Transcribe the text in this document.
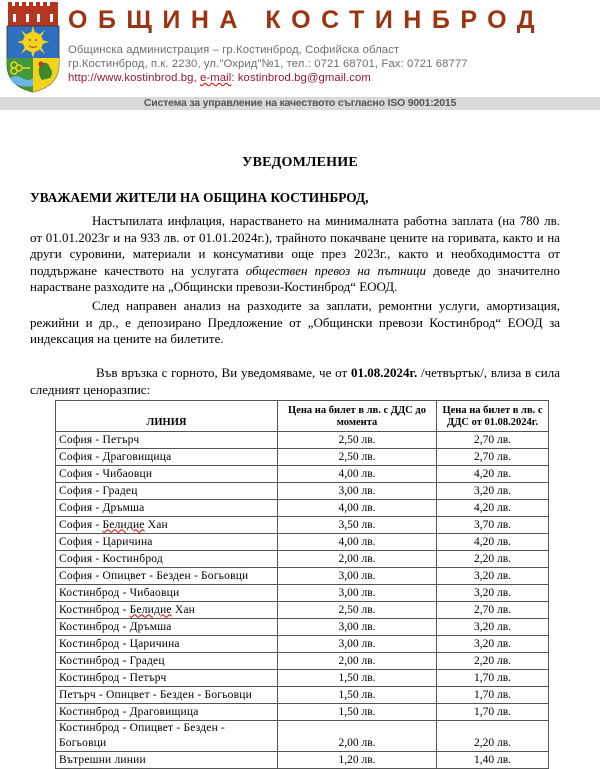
ОБЩИНА КОСТИНБРОД
Общинска администрация – гр.Костинброд, Софийска област
гр.Костинброд, п.к. 2230, ул."Охрид"№1, тел.: 0721 68701, Fax: 0721 68777
http://www.kostinbrod.bg, e-mail: kostinbrod.bg@gmail.com
Система за управление на качеството съгласно ISO 9001:2015
УВЕДОМЛЕНИЕ
УВАЖАЕМИ ЖИТЕЛИ НА ОБЩИНА КОСТИНБРОД,
Настъпилата инфлация, нарастването на минималната работна заплата (на 780 лв. от 01.01.2023г и на 933 лв. от 01.01.2024г.), трайното покачване цените на горивата, както и на други суровини, материали и консумативи още през 2023г., както и необходимостта от поддържане качеството на услугата обществен превоз на пътници доведе до значително нарастване разходите на „Общински превози-Костинброд“ ЕООД.
След направен анализ на разходите за заплати, ремонтни услуги, амортизация, режийни и др., е депозирано Предложение от „Общински превози Костинброд“ ЕООД за индексация на цените на билетите.
Във връзка с горното, Ви уведомяваме, че от 01.08.2024г. /четвъртък/, влиза в сила следният ценоразпис:
ЛИНИЯ	Цена на билет в лв. с ДДС до момента	Цена на билет в лв. с ДДС от 01.08.2024г.
София - Петърч	2,50 лв.	2,70 лв.
София - Драговищица	2,50 лв.	2,70 лв.
София - Чибаовци	4,00 лв.	4,20 лв.
София - Градец	3,00 лв.	3,20 лв.
София - Дръмша	4,00 лв.	4,20 лв.
София - Белидие Хан	3,50 лв.	3,70 лв.
София - Царичина	4,00 лв.	4,20 лв.
София - Костинброд	2,00 лв.	2,20 лв.
София - Опицвет - Безден - Богьовци	3,00 лв.	3,20 лв.
Костинброд - Чибаовци	3,00 лв.	3,20 лв.
Костинброд - Белидие Хан	2,50 лв.	2,70 лв.
Костинброд - Дръмша	3,00 лв.	3,20 лв.
Костинброд - Царичина	3,00 лв.	3,20 лв.
Костинброд - Градец	2,00 лв.	2,20 лв.
Костинброд - Петърч	1,50 лв.	1,70 лв.
Петърч - Опицвет - Безден - Богьовци	1,50 лв.	1,70 лв.
Костинброд - Драговищица	1,50 лв.	1,70 лв.
Костинброд - Опицвет - Безден - Богьовци	2,00 лв.	2,20 лв.
Вътрешни линии	1,20 лв.	1,40 лв.
